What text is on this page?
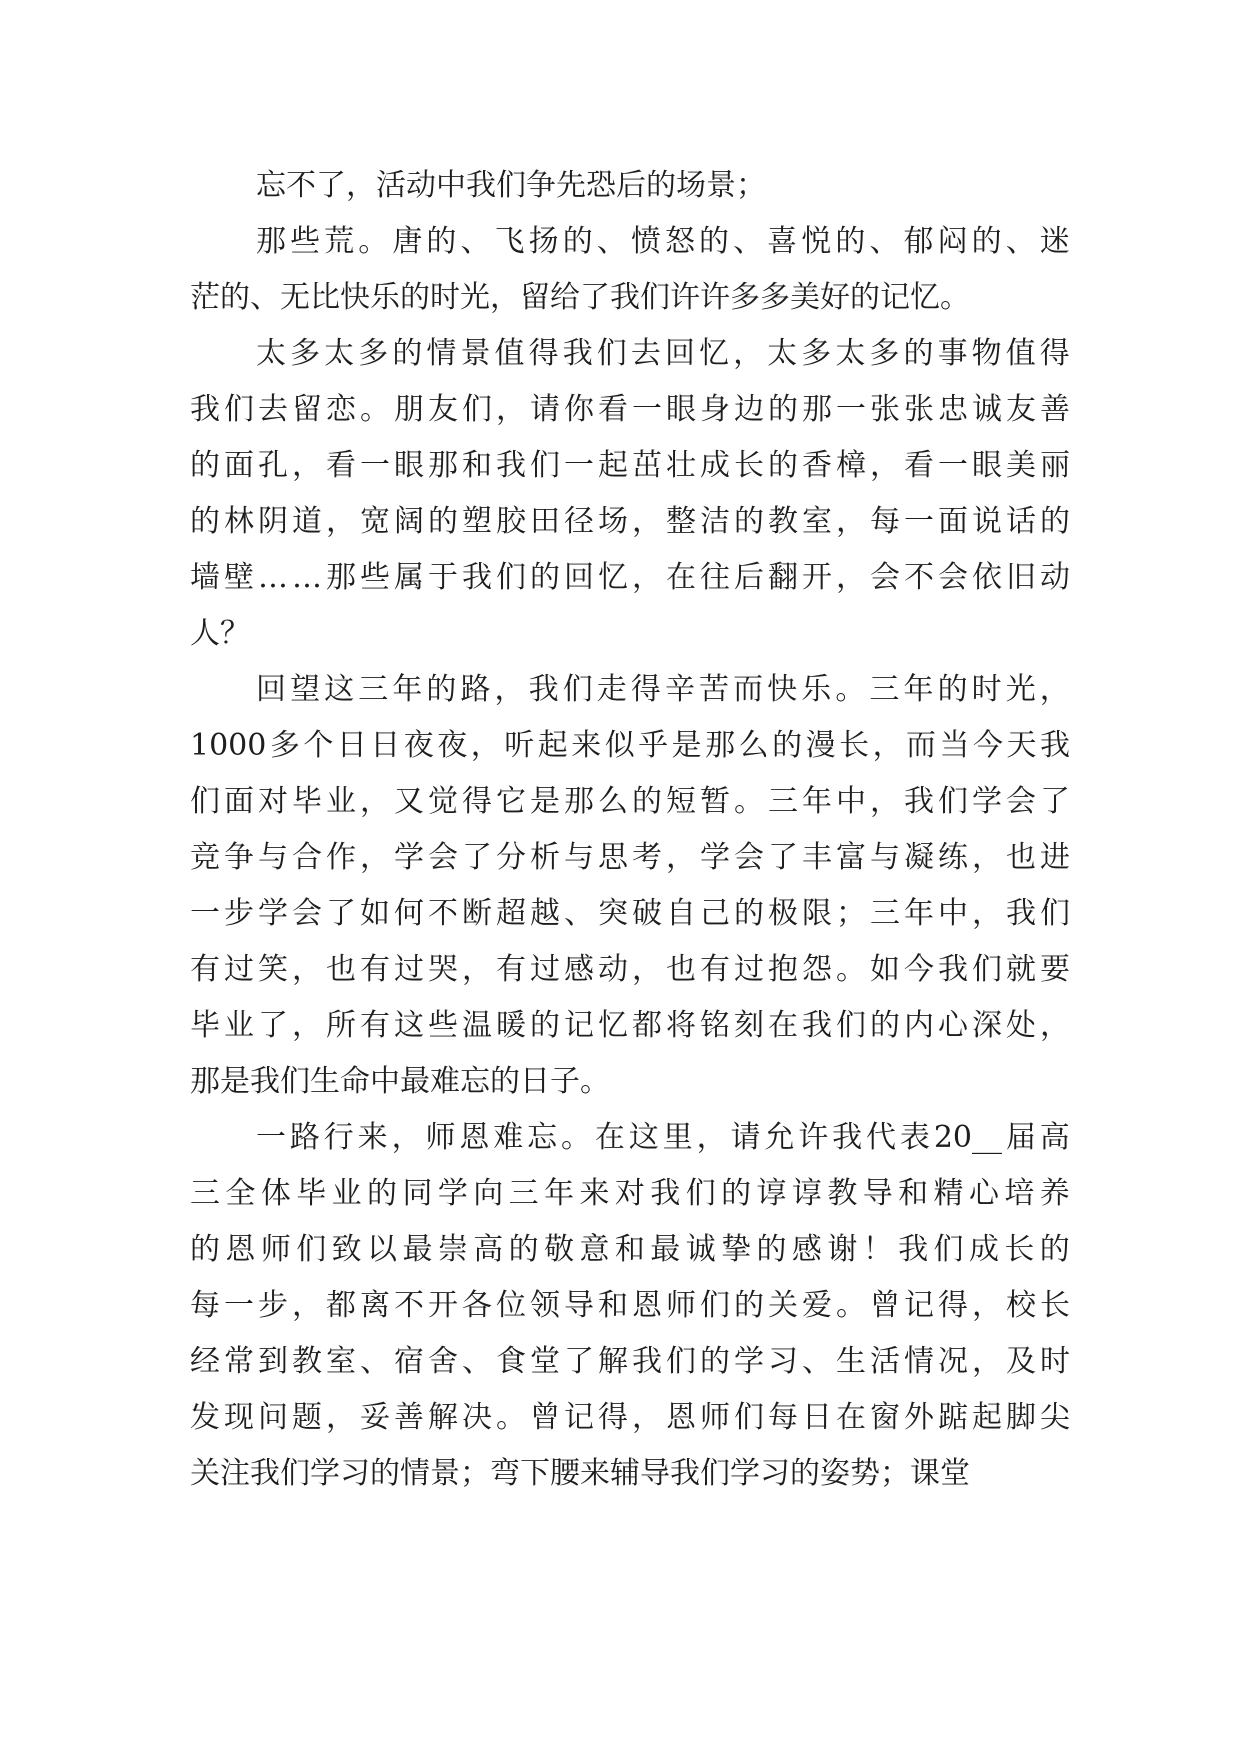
忘不了，活动中我们争先恐后的场景；
那 些 荒 。 唐 的 、 飞 扬 的 、 愤 怒 的 、 喜 悦 的 、 郁 闷 的 、 迷
茫的、无比快乐的时光，留给了我们许许多多美好的记忆。
太 多 太 多 的 情 景 值 得 我 们 去 回 忆 ， 太 多 太 多 的 事 物 值 得
我 们 去 留 恋 。 朋 友 们 ， 请 你 看 一 眼 身 边 的 那 一 张 张 忠 诚 友 善
的 面 孔 ， 看 一 眼 那 和 我 们 一 起 茁 壮 成 长 的 香 樟 ， 看 一 眼 美 丽
的 林 阴 道 ， 宽 阔 的 塑 胶 田 径 场 ， 整 洁 的 教 室 ， 每 一 面 说 话 的
墙 壁 … … 那 些 属 于 我 们 的 回 忆 ， 在 往 后 翻 开 ， 会 不 会 依 旧 动
人？
回 望 这 三 年 的 路 ， 我 们 走 得 辛 苦 而 快 乐 。 三 年 的 时 光 ，
1000 多 个 日 日 夜 夜 ， 听 起 来 似 乎 是 那 么 的 漫 长 ， 而 当 今 天 我
们 面 对 毕 业 ， 又 觉 得 它 是 那 么 的 短 暂 。 三 年 中 ， 我 们 学 会 了
竞 争 与 合 作 ， 学 会 了 分 析 与 思 考 ， 学 会 了 丰 富 与 凝 练 ， 也 进
一 步 学 会 了 如 何 不 断 超 越 、 突 破 自 己 的 极 限 ； 三 年 中 ， 我 们
有 过 笑 ， 也 有 过 哭 ， 有 过 感 动 ， 也 有 过 抱 怨 。 如 今 我 们 就 要
毕 业 了 ， 所 有 这 些 温 暖 的 记 忆 都 将 铭 刻 在 我 们 的 内 心 深 处 ，
那是我们生命中最难忘的日子。
一 路 行 来 ， 师 恩 难 忘 。 在 这 里 ， 请 允 许 我 代 表 20__ 届 高
三 全 体 毕 业 的 同 学 向 三 年 来 对 我 们 的 谆 谆 教 导 和 精 心 培 养
的 恩 师 们 致 以 最 崇 高 的 敬 意 和 最 诚 挚 的 感 谢 ！ 我 们 成 长 的
每 一 步 ， 都 离 不 开 各 位 领 导 和 恩 师 们 的 关 爱 。 曾 记 得 ， 校 长
经 常 到 教 室 、 宿 舍 、 食 堂 了 解 我 们 的 学 习 、 生 活 情 况 ， 及 时
发 现 问 题 ， 妥 善 解 决 。 曾 记 得 ， 恩 师 们 每 日 在 窗 外 踮 起 脚 尖
关注我们学习的情景；弯下腰来辅导我们学习的姿势；课堂
